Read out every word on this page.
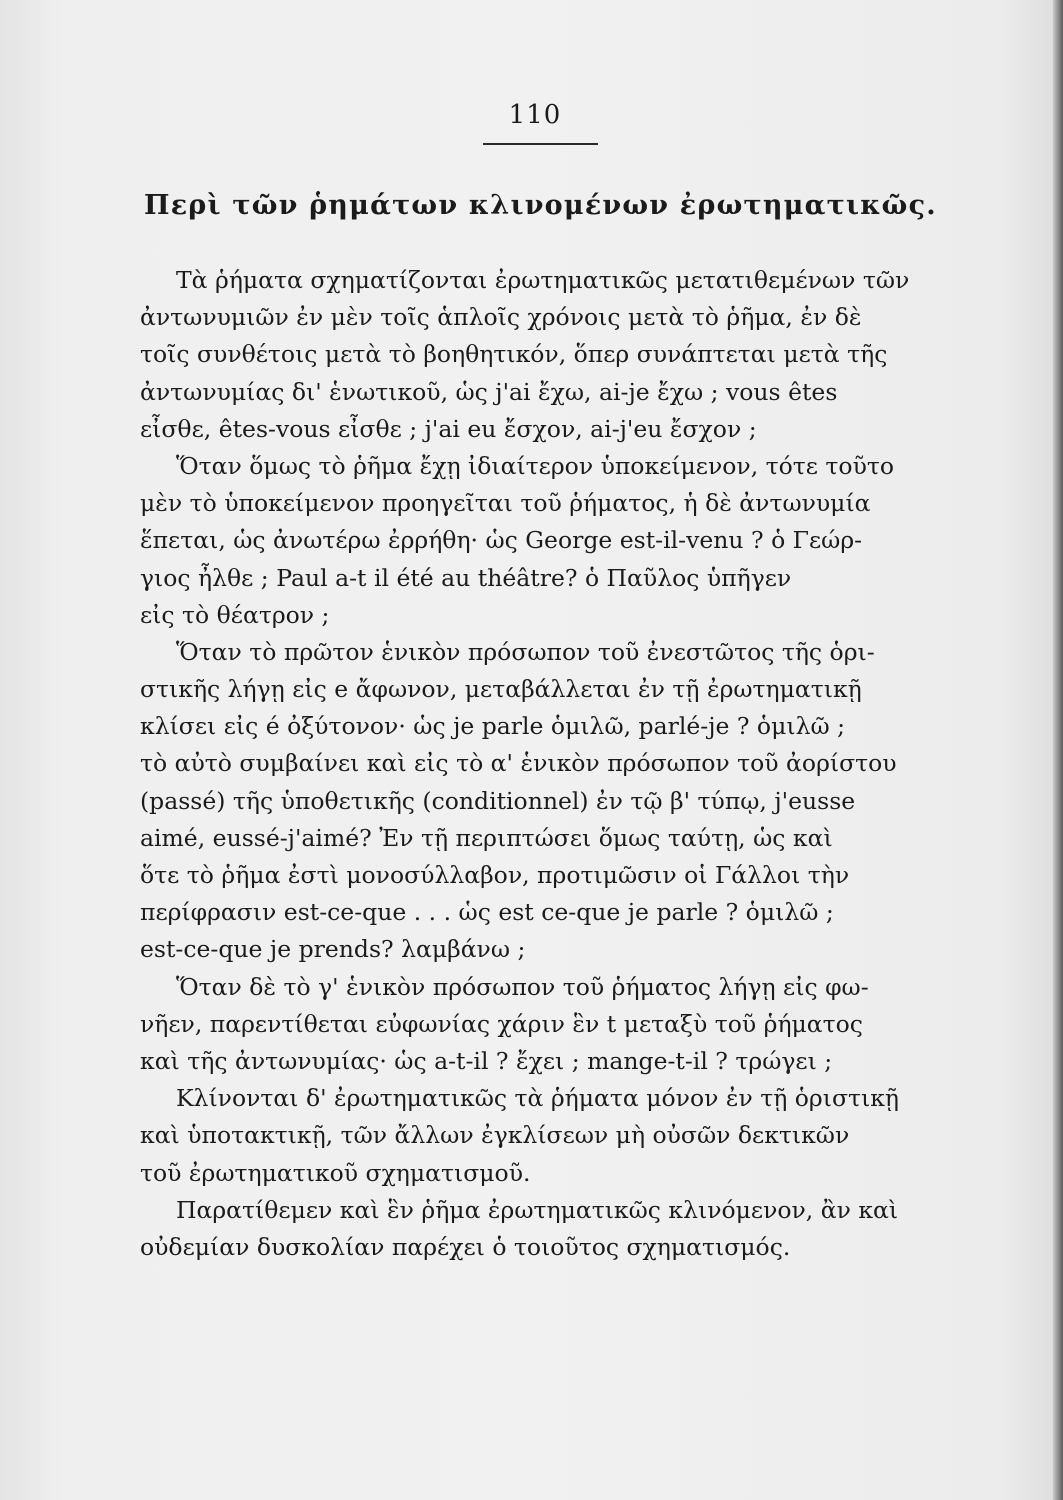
110
Περὶ τῶν ῥημάτων κλινομένων ἐρωτηματικῶς.
Τὰ ῥήματα σχηματίζονται ἐρωτηματικῶς μετατιθεμένων τῶν
ἀντωνυμιῶν ἐν μὲν τοῖς ἁπλοῖς χρόνοις μετὰ τὸ ῥῆμα, ἐν δὲ
τοῖς συνθέτοις μετὰ τὸ βοηθητικόν, ὅπερ συνάπτεται μετὰ τῆς
ἀντωνυμίας δι' ἑνωτικοῦ, ὡς j'ai ἔχω, ai-je ἔχω ; vous êtes
εἶσθε, êtes-vous εἶσθε ; j'ai eu ἔσχον, ai-j'eu ἔσχον ;
Ὅταν ὅμως τὸ ῥῆμα ἔχῃ ἰδιαίτερον ὑποκείμενον, τότε τοῦτο
μὲν τὸ ὑποκείμενον προηγεῖται τοῦ ῥήματος, ἡ δὲ ἀντωνυμία
ἕπεται, ὡς ἀνωτέρω ἐρρήθη· ὡς George est-il-venu ? ὁ Γεώρ-
γιος ἦλθε ; Paul a-t il été au théâtre? ὁ Παῦλος ὑπῆγεν
εἰς τὸ θέατρον ;
Ὅταν τὸ πρῶτον ἑνικὸν πρόσωπον τοῦ ἐνεστῶτος τῆς ὁρι-
στικῆς λήγῃ εἰς e ἄφωνον, μεταβάλλεται ἐν τῇ ἐρωτηματικῇ
κλίσει εἰς é ὀξύτονον· ὡς je parle ὁμιλῶ, parlé-je ? ὁμιλῶ ;
τὸ αὐτὸ συμβαίνει καὶ εἰς τὸ α' ἑνικὸν πρόσωπον τοῦ ἀορίστου
(passé) τῆς ὑποθετικῆς (conditionnel) ἐν τῷ β' τύπῳ, j'eusse
aimé, eussé-j'aimé? Ἐν τῇ περιπτώσει ὅμως ταύτῃ, ὡς καὶ
ὅτε τὸ ῥῆμα ἐστὶ μονοσύλλαβον, προτιμῶσιν οἱ Γάλλοι τὴν
περίφρασιν est-ce-que . . . ὡς est ce-que je parle ? ὁμιλῶ ;
est-ce-que je prends? λαμβάνω ;
Ὅταν δὲ τὸ γ' ἑνικὸν πρόσωπον τοῦ ῥήματος λήγῃ εἰς φω-
νῆεν, παρεντίθεται εὐφωνίας χάριν ἓν t μεταξὺ τοῦ ῥήματος
καὶ τῆς ἀντωνυμίας· ὡς a-t-il ? ἔχει ; mange-t-il ? τρώγει ;
Κλίνονται δ' ἐρωτηματικῶς τὰ ῥήματα μόνον ἐν τῇ ὁριστικῇ
καὶ ὑποτακτικῇ, τῶν ἄλλων ἐγκλίσεων μὴ οὐσῶν δεκτικῶν
τοῦ ἐρωτηματικοῦ σχηματισμοῦ.
Παρατίθεμεν καὶ ἓν ῥῆμα ἐρωτηματικῶς κλινόμενον, ἂν καὶ
οὐδεμίαν δυσκολίαν παρέχει ὁ τοιοῦτος σχηματισμός.
